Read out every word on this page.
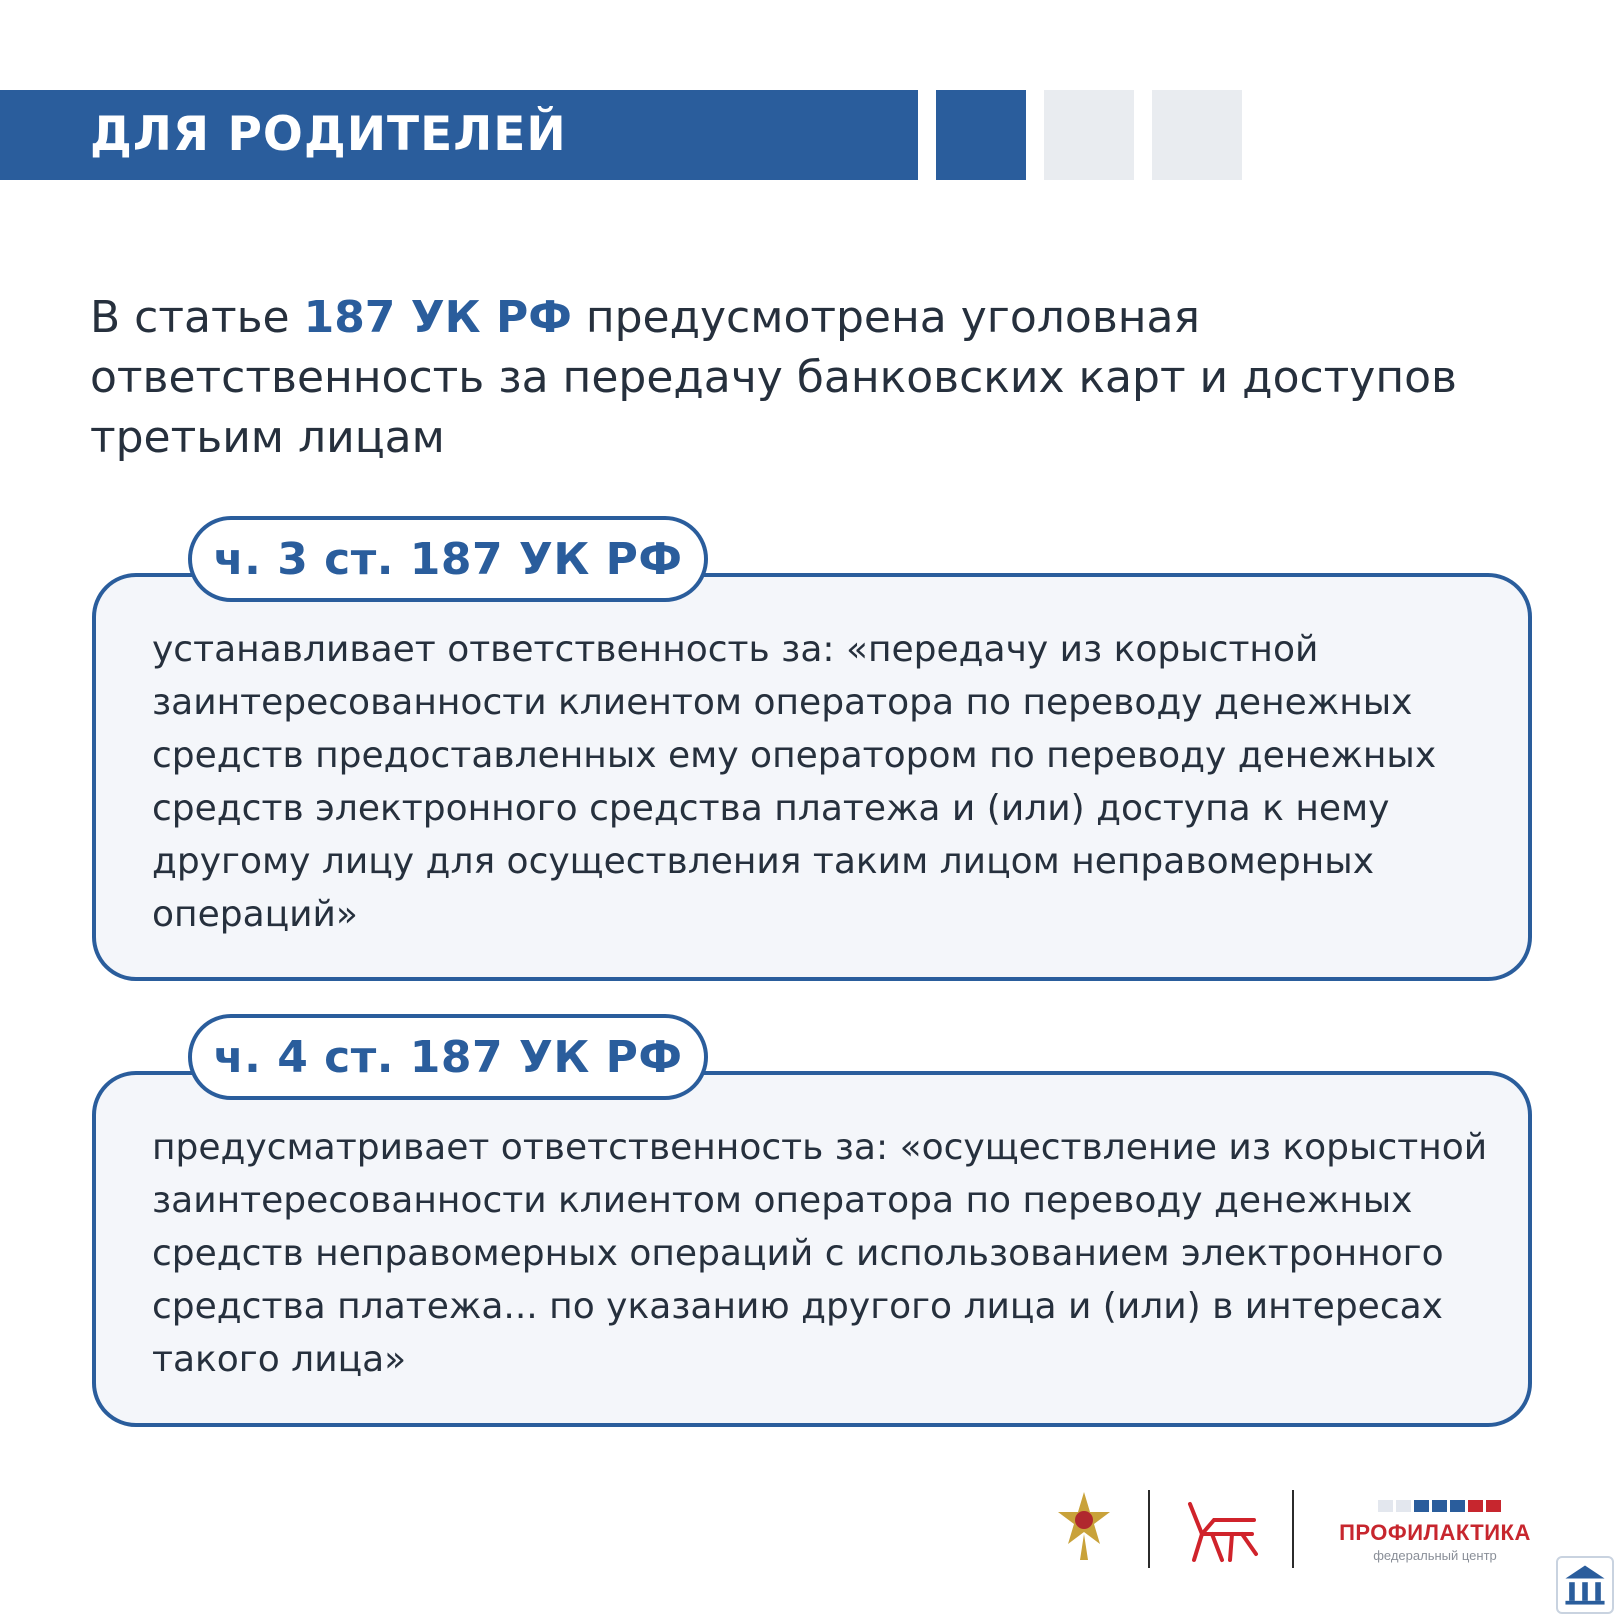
ДЛЯ РОДИТЕЛЕЙ
В статье 187 УК РФ предусмотрена уголовная ответственность за передачу банковских карт и доступов третьим лицам
устанавливает ответственность за: «передачу из корыстной заинтересованности клиентом оператора по переводу денежных средств предоставленных ему оператором по переводу денежных средств электронного средства платежа и (или) доступа к нему другому лицу для осуществления таким лицом неправомерных операций»
ч. 3 ст. 187 УК РФ
предусматривает ответственность за: «осуществление из корыстной заинтересованности клиентом оператора по переводу денежных средств неправомерных операций с использованием электронного средства платежа... по указанию другого лица и (или) в интересах такого лица»
ч. 4 ст. 187 УК РФ
ПРОФИЛАКТИКА
федеральный центр
